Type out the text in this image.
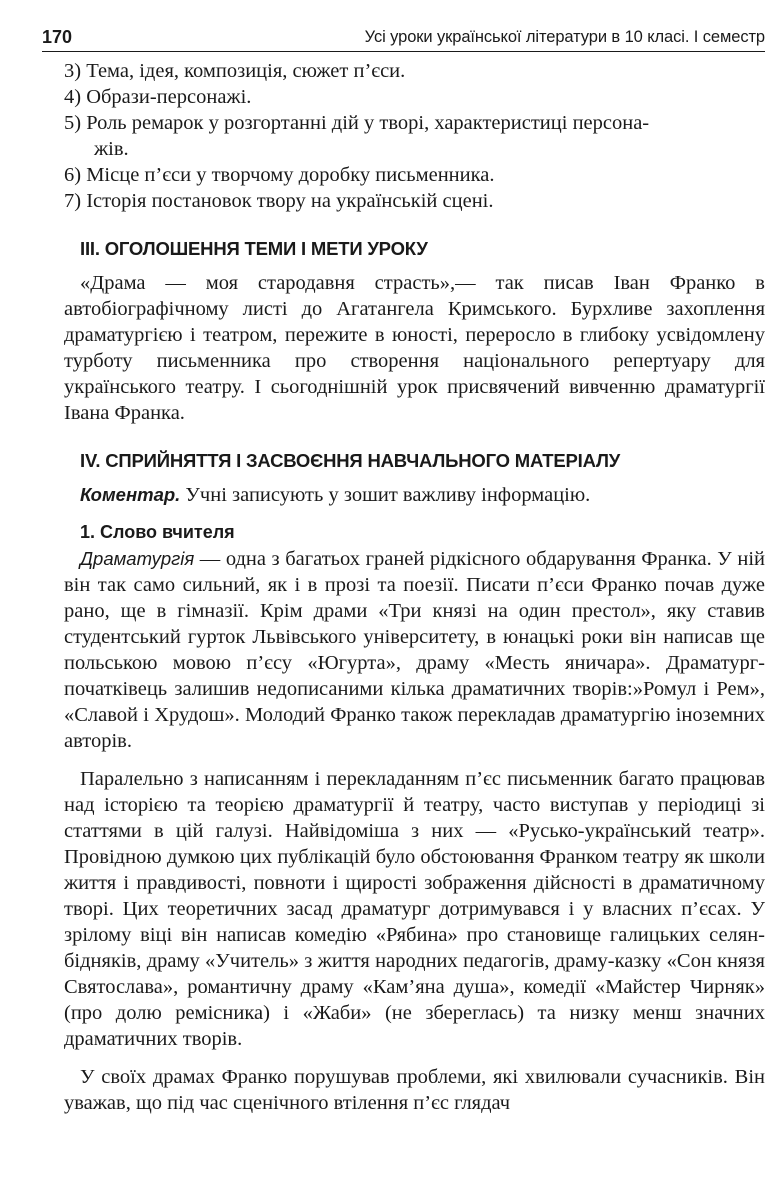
170	Усі уроки української літератури в 10 класі. І семестр
3) Тема, ідея, композиція, сюжет п’єси.
4) Образи-персонажі.
5) Роль ремарок у розгортанні дій у творі, характеристиці персона-
жів.
6) Місце п’єси у творчому доробку письменника.
7) Історія постановок твору на українській сцені.
ІІІ. ОГОЛОШЕННЯ ТЕМИ І МЕТИ УРОКУ

«Драма — моя стародавня страсть»,— так писав Іван Франко в автобіографічному листі до Агатангела Кримського. Бурхливе захоплення драматургією і театром, пережите в юності, переросло в глибоку усвідомлену турботу письменника про створення національного репертуару для українського театру. І сьогоднішній урок присвячений вивченню драматургії Івана Франка.

IV. СПРИЙНЯТТЯ І ЗАСВОЄННЯ НАВЧАЛЬНОГО МАТЕРІАЛУ
Коментар. Учні записують у зошит важливу інформацію.
1. Слово вчителя

Драматургія — одна з багатьох граней рідкісного обдарування Франка. У ній він так само сильний, як і в прозі та поезії. Писати п’єси Франко почав дуже рано, ще в гімназії. Крім драми «Три князі на один престол», яку ставив студентський гурток Львівського університету, в юнацькі роки він написав ще польською мовою п’єсу «Югурта», драму «Месть яничара». Драматург-початківець залишив недописаними кілька драматичних творів:»Ромул і Рем», «Славой і Хрудош». Молодий Франко також перекладав драматургію іноземних авторів.

Паралельно з написанням і перекладанням п’єс письменник багато працював над історією та теорією драматургії й театру, часто виступав у періодиці зі статтями в цій галузі. Найвідоміша з них — «Русько-український театр». Провідною думкою цих публікацій було обстоювання Франком театру як школи життя і правдивості, повноти і щирості зображення дійсності в драматичному творі. Цих теоретичних засад драматург дотримувався і у власних п’єсах. У зрілому віці він написав комедію «Рябина» про становище галицьких селян-бідняків, драму «Учитель» з життя народних педагогів, драму-казку «Сон князя Святослава», романтичну драму «Кам’яна душа», комедії «Майстер Чирняк» (про долю ремісника) і «Жаби» (не збереглась) та низку менш значних драматичних творів.

У своїх драмах Франко порушував проблеми, які хвилювали сучасників. Він уважав, що під час сценічного втілення п’єс глядач
